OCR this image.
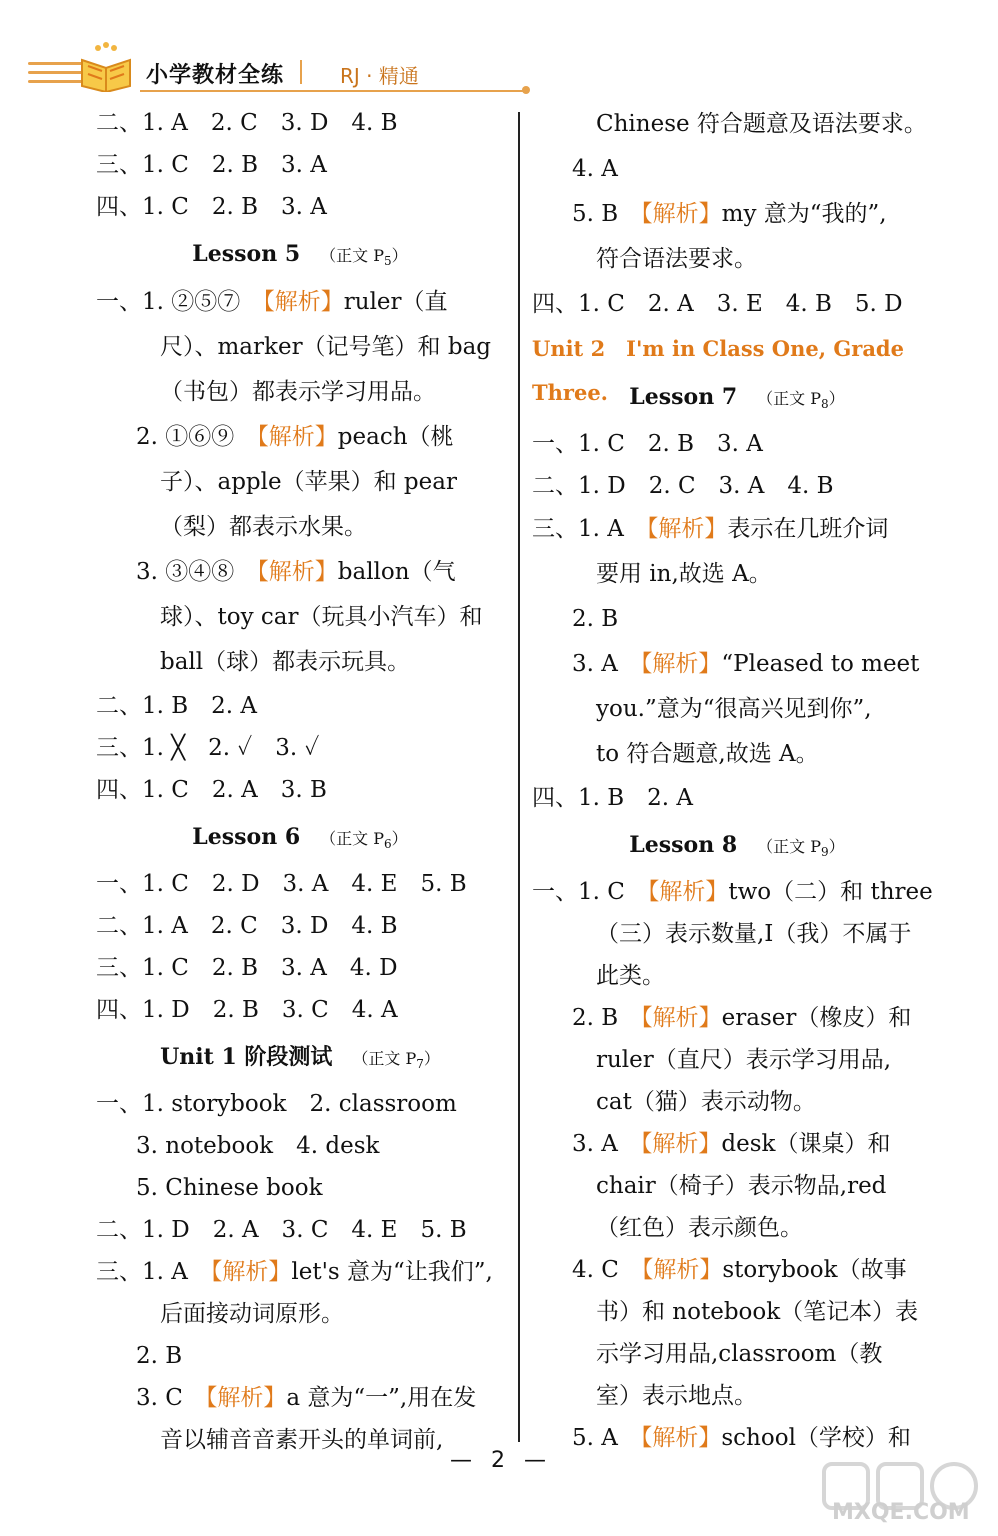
小学教材全练	RJ · 精通
二、1. A　2. C　3. D　4. B
三、1. C　2. B　3. A
四、1. C　2. B　3. A
Lesson 5 （正文 $P_5$）
一、1. ②⑤⑦　【解析】ruler（直
尺）、marker（记号笔）和 bag
（书包）都表示学习用品。
2. ①⑥⑨　【解析】peach（桃
子）、apple（苹果）和 pear
（梨）都表示水果。
3. ③④⑧　【解析】ballon（气
球）、toy car（玩具小汽车）和
ball（球）都表示玩具。
二、1. B　2. A
三、1. ╳　2. ✓　3. ✓
四、1. C　2. A　3. B
Lesson 6 （正文 $P_6$）
一、1. C　2. D　3. A　4. E　5. B
二、1. A　2. C　3. D　4. B
三、1. C　2. B　3. A　4. D
四、1. D　2. B　3. C　4. A
Unit 1 阶段测试 （正文 $P_7$）
一、1. storybook　2. classroom
3. notebook　4. desk
5. Chinese book
二、1. D　2. A　3. C　4. E　5. B
三、1. A　【解析】let's 意为“让我们”,
后面接动词原形。
2. B
3. C　【解析】a 意为“一”,用在发
音以辅音音素开头的单词前,
Chinese 符合题意及语法要求。
4. A
5. B　【解析】my 意为“我的”,
符合语法要求。
四、1. C　2. A　3. E　4. B　5. D
Unit 2　I'm in Class One, Grade Three. Lesson 7 （正文 $P_8$）
一、1. C　2. B　3. A
二、1. D　2. C　3. A　4. B
三、1. A　【解析】表示在几班介词
要用 in,故选 A。
2. B
3. A　【解析】“Pleased to meet
you.”意为“很高兴见到你”,
to 符合题意,故选 A。
四、1. B　2. A
Lesson 8 （正文 $P_9$）
一、1. C　【解析】two（二）和 three
（三）表示数量,I（我）不属于
此类。
2. B　【解析】eraser（橡皮）和
ruler（直尺）表示学习用品,
cat（猫）表示动物。
3. A　【解析】desk（课桌）和
chair（椅子）表示物品,red
（红色）表示颜色。
4. C　【解析】storybook（故事
书）和 notebook（笔记本）表
示学习用品,classroom（教
室）表示地点。
5. A　【解析】school（学校）和
— 2 —
MXQE.COM
